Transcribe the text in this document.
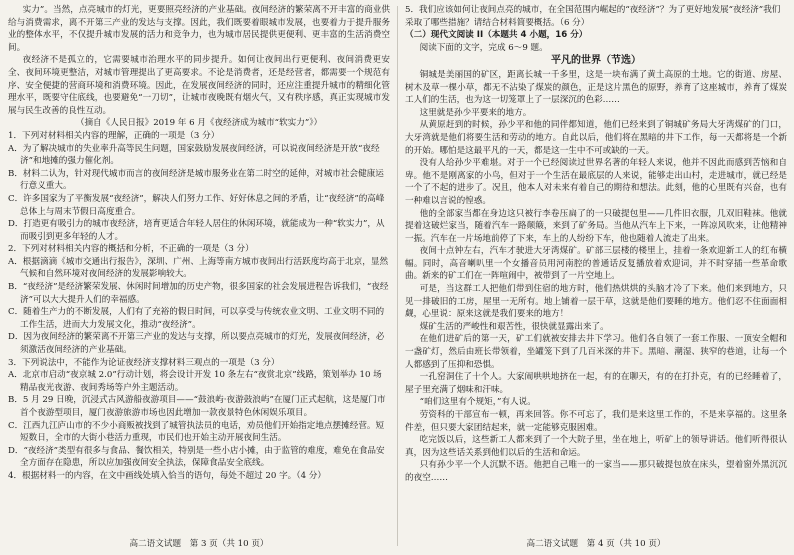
实力”。当然，点亮城市的灯光，更要照亮经济的产业基础。夜间经济的繁荣离不开丰富的商业供给与消费需求，离不开第三产业的发达与支撑。因此，我们既要着眼城市发展，也要着力于提升服务业的整体水平，不仅提升城市发展的活力和竞争力，也为城市居民提供更便利、更丰富的生活消费空间。

夜经济不是孤立的，它需要城市治理水平的同步提升。如何让夜间出行更便利、夜间消费更安全、夜间环境更整洁，对城市管理提出了更高要求。不论是消费者，还是经营者，都需要一个规范有序、安全便捷的营商环境和消费环境。因此，在发展夜间经济的同时，还应注重提升城市的精细化管理水平，既要守住底线，也要避免“一刀切”，让城市夜晚既有烟火气，又有秩序感，真正实现城市发展与民生改善的良性互动。

（摘自《人民日报》2019 年 6 月《夜经济成为城市“软实力”》）

1．下列对材料相关内容的理解，正确的一项是（3 分）

A．为了解决城市的失业率升高等民生问题，国家鼓励发展夜间经济，可以说夜间经济是开放“夜经济”和地摊的强力催化剂。

B．材料二认为，针对现代城市而言的夜间经济是城市服务业在第二时空的延伸，对城市社会健康运行意义重大。

C．许多国家为了平衡发展“夜经济”，解决人们努力工作、好好休息之间的矛盾，让“夜经济”的高峰总体上与周末节假日高度重合。

D．打造更有吸引力的城市夜经济，培育更适合年轻人居住的休闲环境，就能成为一种“软实力”，从而吸引到更多年轻的人才。

2．下列对材料相关内容的概括和分析，不正确的一项是（3 分）

A．根据滴滴《城市交通出行报告》，深圳、广州、上海等南方城市夜间出行活跃度均高于北京，显然气候和自然环境对夜间经济的发展影响较大。

B．“夜经济”是经济繁荣发展、休闲时间增加的历史产物，很多国家的社会发展进程告诉我们，“夜经济”可以大大提升人们的幸福感。

C．随着生产力的不断发展，人们有了充裕的假日时间，可以享受与传统农业文明、工业文明不同的工作生活，进而大力发展文化，推动“夜经济”。

D．因为夜间经济的繁荣离不开第三产业的发达与支撑，所以要点亮城市的灯光，发展夜间经济，必须激活夜间经济的产业基础。

3．下列说法中，不能作为论证夜经济支撑材料三观点的一项是（3 分）

A．北京市启动“夜京城 2.0”行动计划，将会设计开发 10 条左右“夜赏北京”线路，策划举办 10 场精品夜光夜游、夜间秀场等户外主题活动。

B．5 月 29 日晚，沉浸式古风游船夜游项目——“鼓浪屿·夜游鼓浪屿”在厦门正式起航，这是厦门市首个夜游型项目，厦门夜游旅游市场也因此增加一款夜景特色休闲娱乐项目。

C．江西九江庐山市的不少小商贩被找到了城管执法员的电话，劝员他们开始指定地点摆摊经营。短短数日，全市的大街小巷活力重现，市民们也开始主动开展夜间生活。

D．“夜经济”类型有很多与食品、餐饮相关，特别是一些小店小摊，由于监管的难度，难免在食品安全方面存在隐患，所以应加强夜间安全执法，保障食品安全底线。

4．根据材料一的内容，在文中画线处填入恰当的语句，每处不超过 20 字。（4 分）

5．我们应该如何让夜间点亮的城市，在全国范围内崛起的“夜经济”？为了更好地发展“夜经济”我们采取了哪些措施？请结合材料简要概括。（6 分）

（二）现代文阅读 II（本题共 4 小题，16 分）

阅读下面的文字，完成 6～9 题。

平凡的世界（节选）

铜城是美丽国的矿区，距离长城一千多里，这是一块布满了黄土高原的土地。它的街道、房屋、树木及草一棵小草，都无不沾染了煤炭的颜色，正是这片黑色的原野，养育了这座城市，养育了煤炭工人们的生活，也为这一切笼罩上了一层深沉的色彩……

这里就是孙少平要来的地方。

从黄原赶到的时候，孙少平和他的同伴都知道，他们已经来到了铜城矿务局大牙湾煤矿的门口，大牙湾就是他们将要生活和劳动的地方。自此以后，他们将在黑暗的井下工作，每一天都将是一个新的开始。哪怕是这最平凡的一天，都是这一生中不可或缺的一天。

没有人给孙少平难堪。对于一个已经阅读过世界名著的年轻人来说，他并不因此而感到苦恼和自卑。他不是刚离家的小鸟，但对于一个生活在最底层的人来说，能够走出山村，走进城市，就已经是一个了不起的进步了。况且，他本人对未来有着自己的期待和想法。此刻，他的心里既有兴奋，也有一种难以言说的惶惑。

他的全部家当都在身边这只被行李卷压扁了的一只破提包里——几件旧衣服，几双旧鞋袜。他就提着这破烂家当，随着汽车一路颠簸，来到了矿务局。当他从汽车上下来，一阵凉风吹来，让他精神一振。汽车在一片场地前停了下来，车上的人纷纷下车，他也随着人流走了出来。

夜间十点钟左右，汽车才驶进大牙湾煤矿。矿部三层楼的楼里上，挂着一条欢迎新工人的红布横幅。同时，高音喇叭里一个女播音员用河南腔的普通话反复播放着欢迎词，并不时穿插一些革命歌曲。新来的矿工们在一阵喧闹中，被带到了一片空地上。

可是，当这群工人把他们带到住宿的地方时，他们热烘烘的头脑才冷了下来。他们来到地方，只见一排破旧的工房，屋里一无所有。地上铺着一层干草，这就是他们要睡的地方。他们忍不住面面相觑，心里说：原来这就是我们要来的地方！

煤矿生活的严峻性和艰苦性，很快就显露出来了。

在他们进矿后的第一天，矿工们就被安排去井下学习。他们各自领了一套工作服、一顶安全帽和一盏矿灯，然后由班长带领着，坐罐笼下到了几百米深的井下。黑暗、潮湿、狭窄的巷道，让每一个人都感到了压抑和恐惧。

一孔窑洞住了十个人。大家闹哄哄地挤在一起，有的在聊天，有的在打扑克，有的已经睡着了，屋子里充满了烟味和汗味。

“咱们这里有个规矩，”有人说。

劳资科的干部宣布一顿，再来回答。你不可忘了，我们是来这里工作的，不是来享福的。这里条件差，但只要大家团结起来，就一定能够克服困难。

吃完饭以后，这些新工人都来到了一个大院子里，坐在地上，听矿上的领导讲话。他们听得很认真，因为这些话关系到他们以后的生活和命运。

只有孙少平一个人沉默不语。他把自己唯一的一家当——那只破提包放在床头，望着窗外黑沉沉的夜空……

高二语文试题　第 3 页（共 10 页）	高二语文试题　第 4 页（共 10 页）
